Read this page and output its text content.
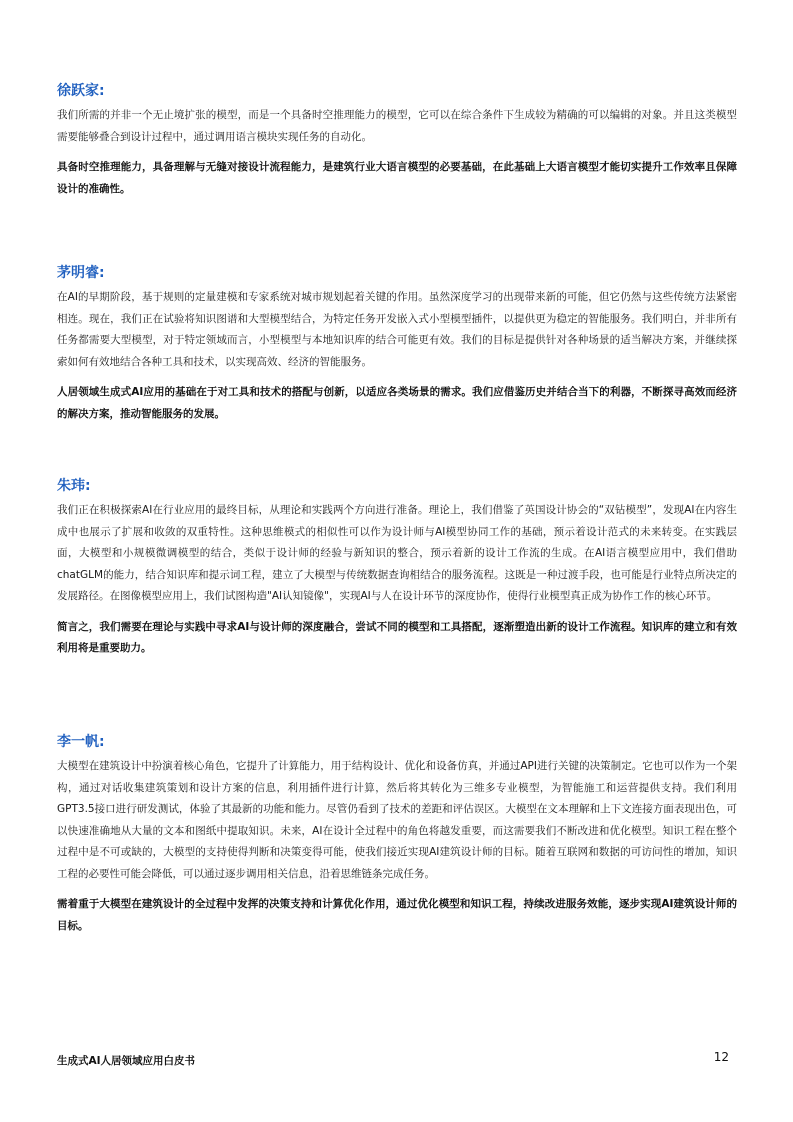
徐跃家:

我们所需的并非一个无止境扩张的模型，而是一个具备时空推理能力的模型，它可以在综合条件下生成较为精确的可以编辑的对象。并且这类模型需要能够叠合到设计过程中，通过调用语言模块实现任务的自动化。

具备时空推理能力，具备理解与无缝对接设计流程能力，是建筑行业大语言模型的必要基础，在此基础上大语言模型才能切实提升工作效率且保障设计的准确性。

茅明睿:

在AI的早期阶段，基于规则的定量建模和专家系统对城市规划起着关键的作用。虽然深度学习的出现带来新的可能，但它仍然与这些传统方法紧密相连。现在，我们正在试验将知识图谱和大型模型结合，为特定任务开发嵌入式小型模型插件，以提供更为稳定的智能服务。我们明白，并非所有任务都需要大型模型，对于特定领域而言，小型模型与本地知识库的结合可能更有效。我们的目标是提供针对各种场景的适当解决方案，并继续探索如何有效地结合各种工具和技术，以实现高效、经济的智能服务。

人居领域生成式AI应用的基础在于对工具和技术的搭配与创新，以适应各类场景的需求。我们应借鉴历史并结合当下的利器，不断探寻高效而经济的解决方案，推动智能服务的发展。

朱玮:

我们正在积极探索AI在行业应用的最终目标，从理论和实践两个方向进行准备。理论上，我们借鉴了英国设计协会的“双钻模型”，发现AI在内容生成中也展示了扩展和收敛的双重特性。这种思维模式的相似性可以作为设计师与AI模型协同工作的基础，预示着设计范式的未来转变。在实践层面，大模型和小规模微调模型的结合，类似于设计师的经验与新知识的整合，预示着新的设计工作流的生成。在AI语言模型应用中，我们借助chatGLM的能力，结合知识库和提示词工程，建立了大模型与传统数据查询相结合的服务流程。这既是一种过渡手段，也可能是行业特点所决定的发展路径。在图像模型应用上，我们试图构造"AI认知镜像"，实现AI与人在设计环节的深度协作，使得行业模型真正成为协作工作的核心环节。

简言之，我们需要在理论与实践中寻求AI与设计师的深度融合，尝试不同的模型和工具搭配，逐渐塑造出新的设计工作流程。知识库的建立和有效利用将是重要助力。

李一帆:

大模型在建筑设计中扮演着核心角色，它提升了计算能力，用于结构设计、优化和设备仿真，并通过API进行关键的决策制定。它也可以作为一个架构，通过对话收集建筑策划和设计方案的信息，利用插件进行计算，然后将其转化为三维多专业模型，为智能施工和运营提供支持。我们利用GPT3.5接口进行研发测试，体验了其最新的功能和能力。尽管仍看到了技术的差距和评估误区。大模型在文本理解和上下文连接方面表现出色，可以快速准确地从大量的文本和图纸中提取知识。未来，AI在设计全过程中的角色将越发重要，而这需要我们不断改进和优化模型。知识工程在整个过程中是不可或缺的，大模型的支持使得判断和决策变得可能，使我们接近实现AI建筑设计师的目标。随着互联网和数据的可访问性的增加，知识工程的必要性可能会降低，可以通过逐步调用相关信息，沿着思维链条完成任务。

需着重于大模型在建筑设计的全过程中发挥的决策支持和计算优化作用，通过优化模型和知识工程，持续改进服务效能，逐步实现AI建筑设计师的目标。

生成式AI人居领域应用白皮书	12
